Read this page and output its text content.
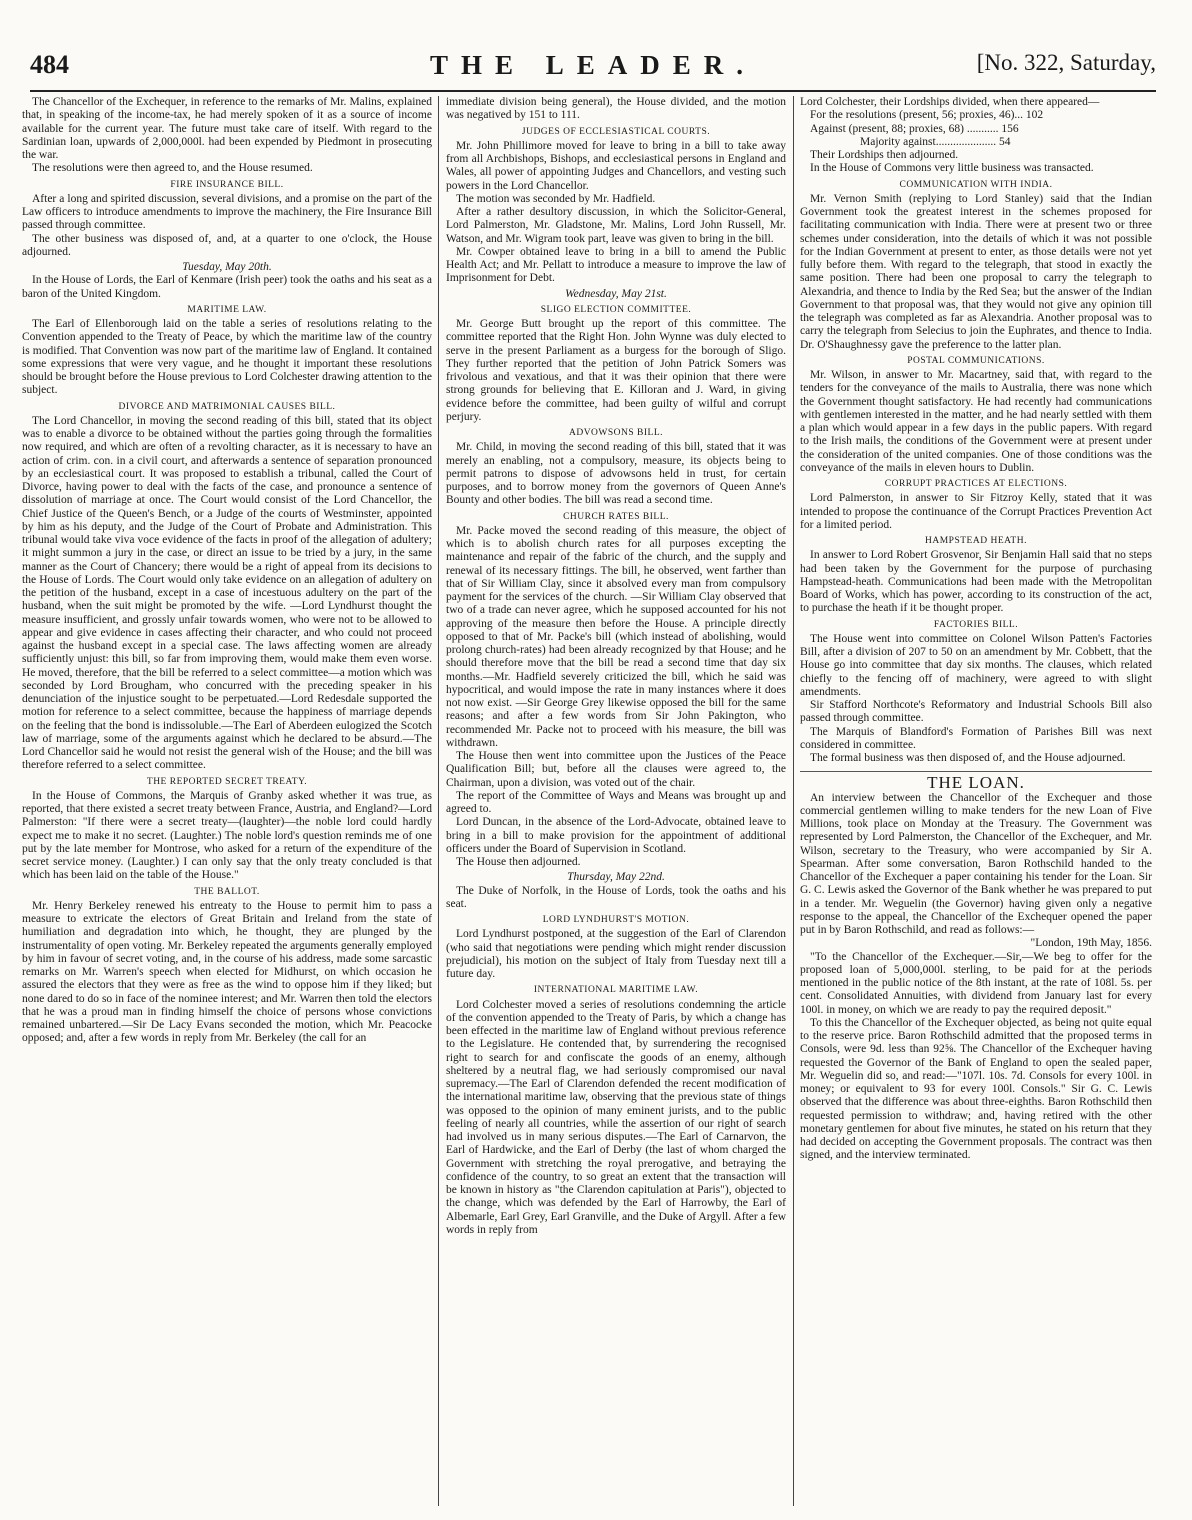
484	THE LEADER.	[No. 322, Saturday,

The Chancellor of the Exchequer, in reference to the remarks of Mr. Malins, explained that, in speaking of the income-tax, he had merely spoken of it as a source of income available for the current year. The future must take care of itself. With regard to the Sardinian loan, upwards of 2,000,000l. had been expended by Piedmont in prosecuting the war.

The resolutions were then agreed to, and the House resumed.

FIRE INSURANCE BILL.

After a long and spirited discussion, several divisions, and a promise on the part of the Law officers to introduce amendments to improve the machinery, the Fire Insurance Bill passed through committee.

The other business was disposed of, and, at a quarter to one o'clock, the House adjourned.

Tuesday, May 20th.

In the House of Lords, the Earl of Kenmare (Irish peer) took the oaths and his seat as a baron of the United Kingdom.

MARITIME LAW.

The Earl of Ellenborough laid on the table a series of resolutions relating to the Convention appended to the Treaty of Peace, by which the maritime law of the country is modified. That Convention was now part of the maritime law of England. It contained some expressions that were very vague, and he thought it important these resolutions should be brought before the House previous to Lord Colchester drawing attention to the subject.

DIVORCE AND MATRIMONIAL CAUSES BILL.

The Lord Chancellor, in moving the second reading of this bill, stated that its object was to enable a divorce to be obtained without the parties going through the formalities now required, and which are often of a revolting character, as it is necessary to have an action of crim. con. in a civil court, and afterwards a sentence of separation pronounced by an ecclesiastical court. It was proposed to establish a tribunal, called the Court of Divorce, having power to deal with the facts of the case, and pronounce a sentence of dissolution of marriage at once. The Court would consist of the Lord Chancellor, the Chief Justice of the Queen's Bench, or a Judge of the courts of Westminster, appointed by him as his deputy, and the Judge of the Court of Probate and Administration. This tribunal would take viva voce evidence of the facts in proof of the allegation of adultery; it might summon a jury in the case, or direct an issue to be tried by a jury, in the same manner as the Court of Chancery; there would be a right of appeal from its decisions to the House of Lords. The Court would only take evidence on an allegation of adultery on the petition of the husband, except in a case of incestuous adultery on the part of the husband, when the suit might be promoted by the wife. —Lord Lyndhurst thought the measure insufficient, and grossly unfair towards women, who were not to be allowed to appear and give evidence in cases affecting their character, and who could not proceed against the husband except in a special case. The laws affecting women are already sufficiently unjust: this bill, so far from improving them, would make them even worse. He moved, therefore, that the bill be referred to a select committee—a motion which was seconded by Lord Brougham, who concurred with the preceding speaker in his denunciation of the injustice sought to be perpetuated.—Lord Redesdale supported the motion for reference to a select committee, because the happiness of marriage depends on the feeling that the bond is indissoluble.—The Earl of Aberdeen eulogized the Scotch law of marriage, some of the arguments against which he declared to be absurd.—The Lord Chancellor said he would not resist the general wish of the House; and the bill was therefore referred to a select committee.

THE REPORTED SECRET TREATY.

In the House of Commons, the Marquis of Granby asked whether it was true, as reported, that there existed a secret treaty between France, Austria, and England?—Lord Palmerston: "If there were a secret treaty—(laughter)—the noble lord could hardly expect me to make it no secret. (Laughter.) The noble lord's question reminds me of one put by the late member for Montrose, who asked for a return of the expenditure of the secret service money. (Laughter.) I can only say that the only treaty concluded is that which has been laid on the table of the House."

THE BALLOT.

Mr. Henry Berkeley renewed his entreaty to the House to permit him to pass a measure to extricate the electors of Great Britain and Ireland from the state of humiliation and degradation into which, he thought, they are plunged by the instrumentality of open voting. Mr. Berkeley repeated the arguments generally employed by him in favour of secret voting, and, in the course of his address, made some sarcastic remarks on Mr. Warren's speech when elected for Midhurst, on which occasion he assured the electors that they were as free as the wind to oppose him if they liked; but none dared to do so in face of the nominee interest; and Mr. Warren then told the electors that he was a proud man in finding himself the choice of persons whose convictions remained unbartered.—Sir De Lacy Evans seconded the motion, which Mr. Peacocke opposed; and, after a few words in reply from Mr. Berkeley (the call for an

immediate division being general), the House divided, and the motion was negatived by 151 to 111.

JUDGES OF ECCLESIASTICAL COURTS.

Mr. John Phillimore moved for leave to bring in a bill to take away from all Archbishops, Bishops, and ecclesiastical persons in England and Wales, all power of appointing Judges and Chancellors, and vesting such powers in the Lord Chancellor.

The motion was seconded by Mr. Hadfield.

After a rather desultory discussion, in which the Solicitor-General, Lord Palmerston, Mr. Gladstone, Mr. Malins, Lord John Russell, Mr. Watson, and Mr. Wigram took part, leave was given to bring in the bill.

Mr. Cowper obtained leave to bring in a bill to amend the Public Health Act; and Mr. Pellatt to introduce a measure to improve the law of Imprisonment for Debt.

Wednesday, May 21st.

SLIGO ELECTION COMMITTEE.

Mr. George Butt brought up the report of this committee. The committee reported that the Right Hon. John Wynne was duly elected to serve in the present Parliament as a burgess for the borough of Sligo. They further reported that the petition of John Patrick Somers was frivolous and vexatious, and that it was their opinion that there were strong grounds for believing that E. Killoran and J. Ward, in giving evidence before the committee, had been guilty of wilful and corrupt perjury.

ADVOWSONS BILL.

Mr. Child, in moving the second reading of this bill, stated that it was merely an enabling, not a compulsory, measure, its objects being to permit patrons to dispose of advowsons held in trust, for certain purposes, and to borrow money from the governors of Queen Anne's Bounty and other bodies. The bill was read a second time.

CHURCH RATES BILL.

Mr. Packe moved the second reading of this measure, the object of which is to abolish church rates for all purposes excepting the maintenance and repair of the fabric of the church, and the supply and renewal of its necessary fittings. The bill, he observed, went farther than that of Sir William Clay, since it absolved every man from compulsory payment for the services of the church. —Sir William Clay observed that two of a trade can never agree, which he supposed accounted for his not approving of the measure then before the House. A principle directly opposed to that of Mr. Packe's bill (which instead of abolishing, would prolong church-rates) had been already recognized by that House; and he should therefore move that the bill be read a second time that day six months.—Mr. Hadfield severely criticized the bill, which he said was hypocritical, and would impose the rate in many instances where it does not now exist. —Sir George Grey likewise opposed the bill for the same reasons; and after a few words from Sir John Pakington, who recommended Mr. Packe not to proceed with his measure, the bill was withdrawn.

The House then went into committee upon the Justices of the Peace Qualification Bill; but, before all the clauses were agreed to, the Chairman, upon a division, was voted out of the chair.

The report of the Committee of Ways and Means was brought up and agreed to.

Lord Duncan, in the absence of the Lord-Advocate, obtained leave to bring in a bill to make provision for the appointment of additional officers under the Board of Supervision in Scotland.

The House then adjourned.

Thursday, May 22nd.

The Duke of Norfolk, in the House of Lords, took the oaths and his seat.

LORD LYNDHURST'S MOTION.

Lord Lyndhurst postponed, at the suggestion of the Earl of Clarendon (who said that negotiations were pending which might render discussion prejudicial), his motion on the subject of Italy from Tuesday next till a future day.

INTERNATIONAL MARITIME LAW.

Lord Colchester moved a series of resolutions condemning the article of the convention appended to the Treaty of Paris, by which a change has been effected in the maritime law of England without previous reference to the Legislature. He contended that, by surrendering the recognised right to search for and confiscate the goods of an enemy, although sheltered by a neutral flag, we had seriously compromised our naval supremacy.—The Earl of Clarendon defended the recent modification of the international maritime law, observing that the previous state of things was opposed to the opinion of many eminent jurists, and to the public feeling of nearly all countries, while the assertion of our right of search had involved us in many serious disputes.—The Earl of Carnarvon, the Earl of Hardwicke, and the Earl of Derby (the last of whom charged the Government with stretching the royal prerogative, and betraying the confidence of the country, to so great an extent that the transaction will be known in history as "the Clarendon capitulation at Paris"), objected to the change, which was defended by the Earl of Harrowby, the Earl of Albemarle, Earl Grey, Earl Granville, and the Duke of Argyll. After a few words in reply from

Lord Colchester, their Lordships divided, when there appeared—

For the resolutions (present, 56; proxies, 46)... 102

Against (present, 88; proxies, 68) ........... 156

Majority against..................... 54

Their Lordships then adjourned.

In the House of Commons very little business was transacted.

COMMUNICATION WITH INDIA.

Mr. Vernon Smith (replying to Lord Stanley) said that the Indian Government took the greatest interest in the schemes proposed for facilitating communication with India. There were at present two or three schemes under consideration, into the details of which it was not possible for the Indian Government at present to enter, as those details were not yet fully before them. With regard to the telegraph, that stood in exactly the same position. There had been one proposal to carry the telegraph to Alexandria, and thence to India by the Red Sea; but the answer of the Indian Government to that proposal was, that they would not give any opinion till the telegraph was completed as far as Alexandria. Another proposal was to carry the telegraph from Selecius to join the Euphrates, and thence to India. Dr. O'Shaughnessy gave the preference to the latter plan.

POSTAL COMMUNICATIONS.

Mr. Wilson, in answer to Mr. Macartney, said that, with regard to the tenders for the conveyance of the mails to Australia, there was none which the Government thought satisfactory. He had recently had communications with gentlemen interested in the matter, and he had nearly settled with them a plan which would appear in a few days in the public papers. With regard to the Irish mails, the conditions of the Government were at present under the consideration of the united companies. One of those conditions was the conveyance of the mails in eleven hours to Dublin.

CORRUPT PRACTICES AT ELECTIONS.

Lord Palmerston, in answer to Sir Fitzroy Kelly, stated that it was intended to propose the continuance of the Corrupt Practices Prevention Act for a limited period.

HAMPSTEAD HEATH.

In answer to Lord Robert Grosvenor, Sir Benjamin Hall said that no steps had been taken by the Government for the purpose of purchasing Hampstead-heath. Communications had been made with the Metropolitan Board of Works, which has power, according to its construction of the act, to purchase the heath if it be thought proper.

FACTORIES BILL.

The House went into committee on Colonel Wilson Patten's Factories Bill, after a division of 207 to 50 on an amendment by Mr. Cobbett, that the House go into committee that day six months. The clauses, which related chiefly to the fencing off of machinery, were agreed to with slight amendments.

Sir Stafford Northcote's Reformatory and Industrial Schools Bill also passed through committee.

The Marquis of Blandford's Formation of Parishes Bill was next considered in committee.

The formal business was then disposed of, and the House adjourned.

THE LOAN.

An interview between the Chancellor of the Exchequer and those commercial gentlemen willing to make tenders for the new Loan of Five Millions, took place on Monday at the Treasury. The Government was represented by Lord Palmerston, the Chancellor of the Exchequer, and Mr. Wilson, secretary to the Treasury, who were accompanied by Sir A. Spearman. After some conversation, Baron Rothschild handed to the Chancellor of the Exchequer a paper containing his tender for the Loan. Sir G. C. Lewis asked the Governor of the Bank whether he was prepared to put in a tender. Mr. Weguelin (the Governor) having given only a negative response to the appeal, the Chancellor of the Exchequer opened the paper put in by Baron Rothschild, and read as follows:—

"London, 19th May, 1856.

"To the Chancellor of the Exchequer.—Sir,—We beg to offer for the proposed loan of 5,000,000l. sterling, to be paid for at the periods mentioned in the public notice of the 8th instant, at the rate of 108l. 5s. per cent. Consolidated Annuities, with dividend from January last for every 100l. in money, on which we are ready to pay the required deposit."

To this the Chancellor of the Exchequer objected, as being not quite equal to the reserve price. Baron Rothschild admitted that the proposed terms in Consols, were 9d. less than 92⅝. The Chancellor of the Exchequer having requested the Governor of the Bank of England to open the sealed paper, Mr. Weguelin did so, and read:—"107l. 10s. 7d. Consols for every 100l. in money; or equivalent to 93 for every 100l. Consols." Sir G. C. Lewis observed that the difference was about three-eighths. Baron Rothschild then requested permission to withdraw; and, having retired with the other monetary gentlemen for about five minutes, he stated on his return that they had decided on accepting the Government proposals. The contract was then signed, and the interview terminated.
